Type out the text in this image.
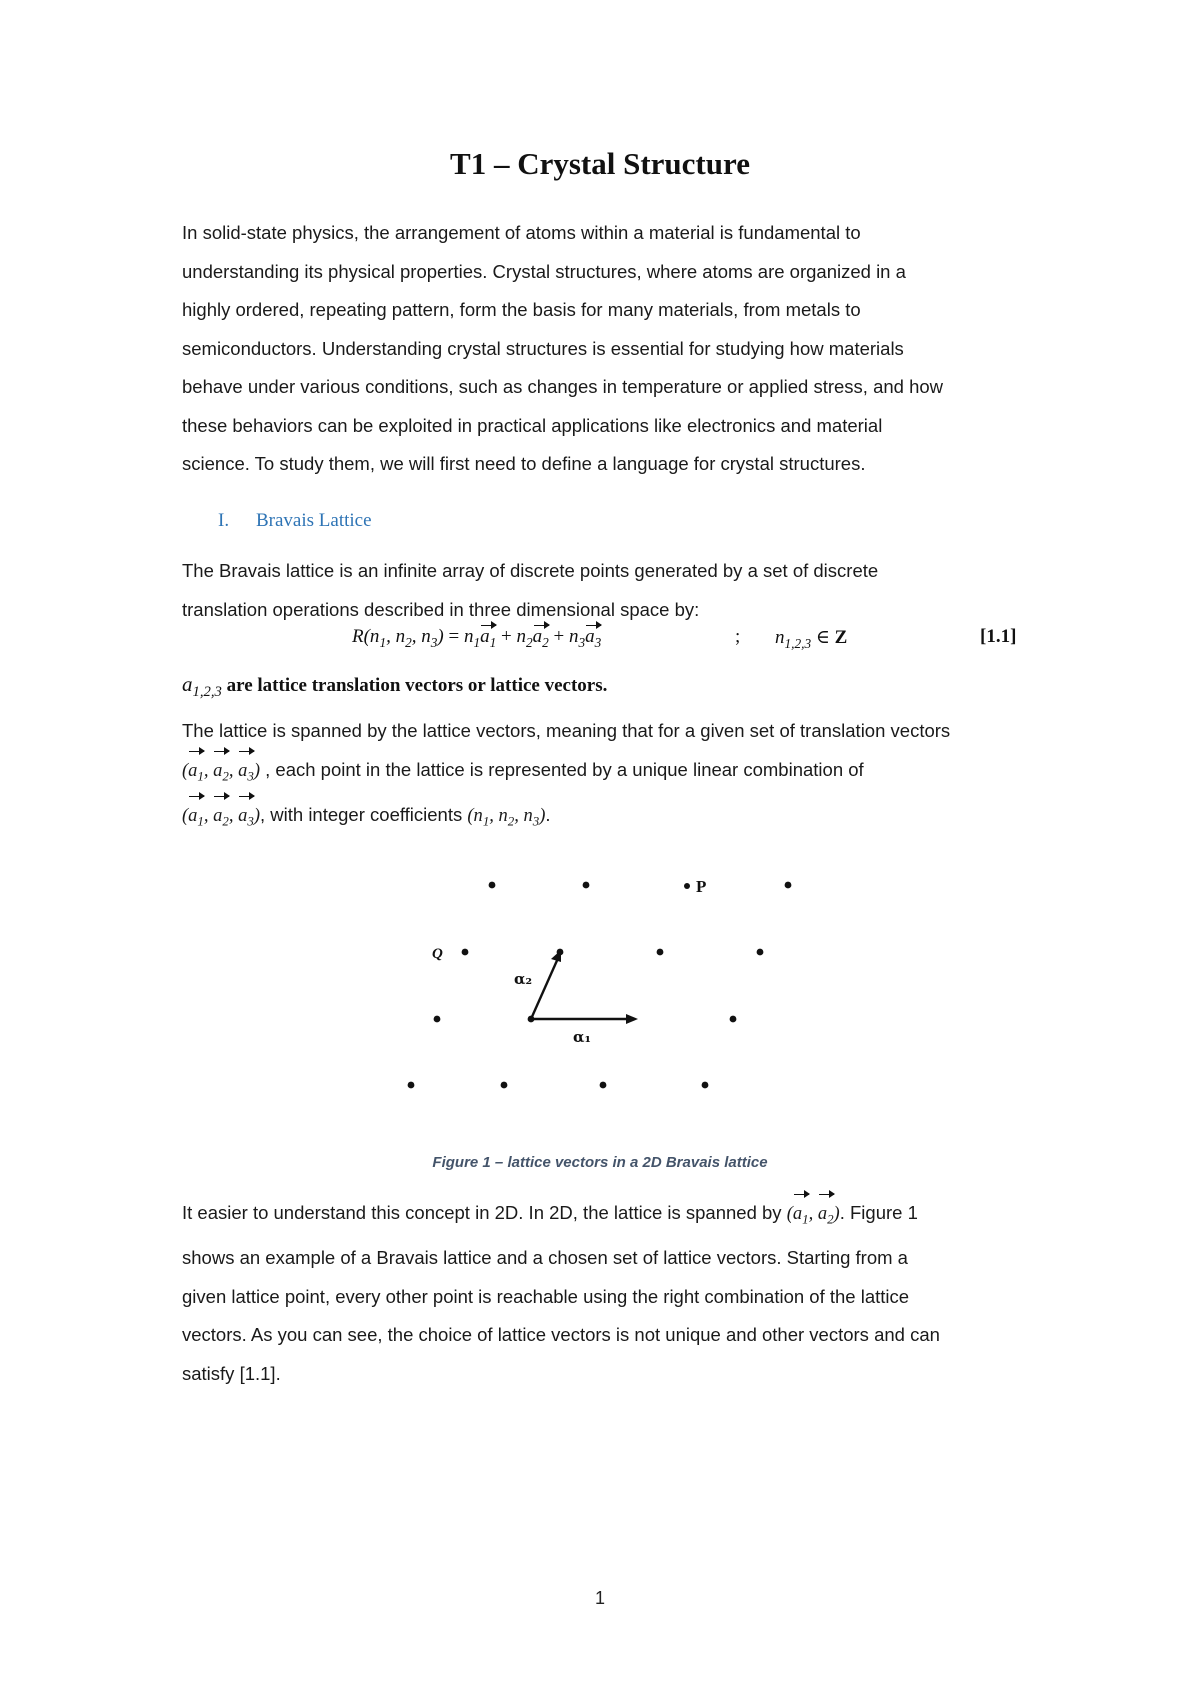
T1 – Crystal Structure
In solid-state physics, the arrangement of atoms within a material is fundamental to
understanding its physical properties. Crystal structures, where atoms are organized in a
highly ordered, repeating pattern, form the basis for many materials, from metals to
semiconductors. Understanding crystal structures is essential for studying how materials
behave under various conditions, such as changes in temperature or applied stress, and how
these behaviors can be exploited in practical applications like electronics and material
science. To study them, we will first need to define a language for crystal structures.
I. Bravais Lattice
The Bravais lattice is an infinite array of discrete points generated by a set of discrete
translation operations described in three dimensional space by:
$R(n_1$, $n_2$, $n_3) = n_1a_1 + n_2a_2 + n_3a_3$	; $n_{1,2,3}$ ∈ Z	[1.1]
$a_{1,2,3}$ are lattice translation vectors or lattice vectors.
The lattice is spanned by the lattice vectors, meaning that for a given set of translation vectors
($a_1$, $a_2$, $a_3$) , each point in the lattice is represented by a unique linear combination of
($a_1$, $a_2$, $a_3$), with integer coefficients ($n_1$, $n_2$, $n_3$).
P
Q
α₂
α₁
Figure 1 – lattice vectors in a 2D Bravais lattice
It easier to understand this concept in 2D. In 2D, the lattice is spanned by ($a_1$, $a_2$). Figure 1
shows an example of a Bravais lattice and a chosen set of lattice vectors. Starting from a
given lattice point, every other point is reachable using the right combination of the lattice
vectors. As you can see, the choice of lattice vectors is not unique and other vectors and can
satisfy [1.1].
1
